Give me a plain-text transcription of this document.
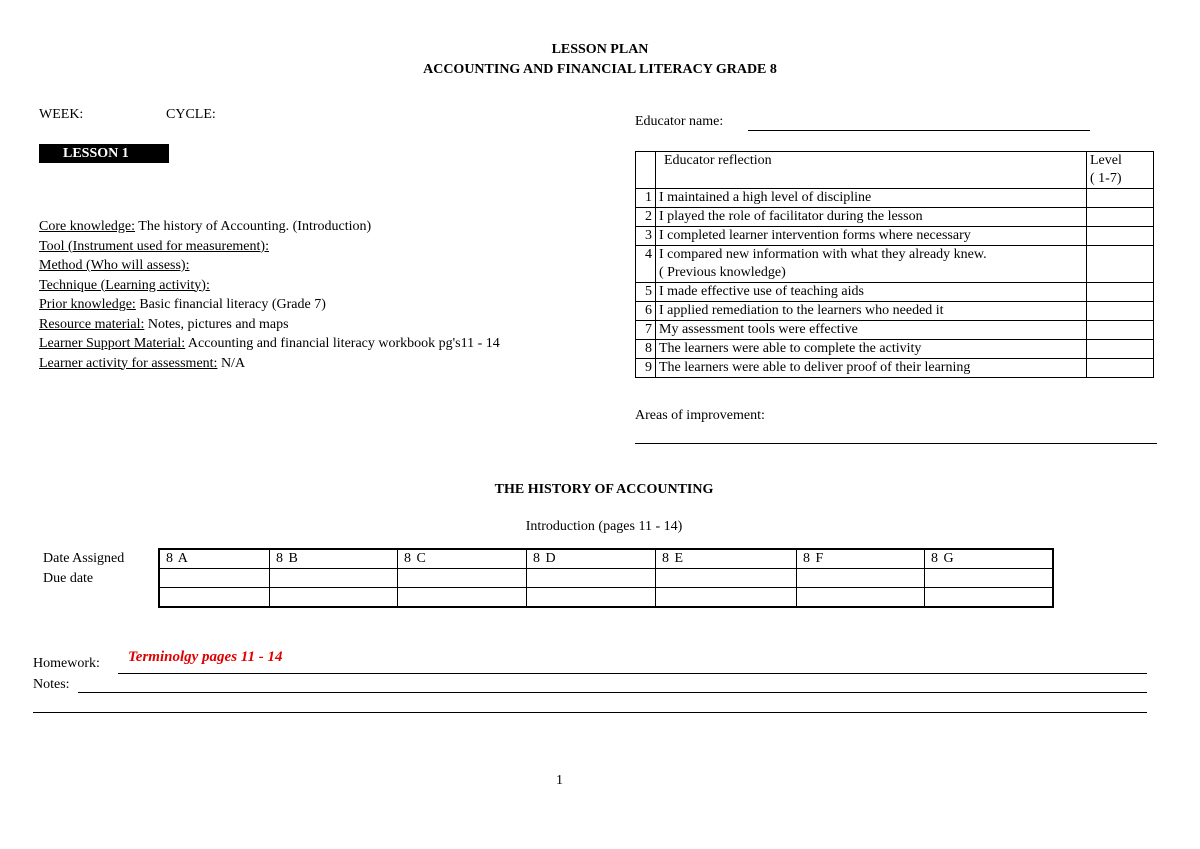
LESSON PLAN
ACCOUNTING AND FINANCIAL LITERACY GRADE 8
WEEK:	CYCLE:
LESSON 1
Educator name:
Core knowledge: The history of Accounting. (Introduction)
Tool (Instrument used for measurement):
Method (Who will assess):
Technique (Learning activity):
Prior knowledge: Basic financial literacy (Grade 7)
Resource material: Notes, pictures and maps
Learner Support Material: Accounting and financial literacy workbook pg's11 - 14
Learner activity for assessment: N/A
	Educator reflection	Level
( 1-7)

1	I maintained a high level of discipline	
2	I played the role of facilitator during the lesson	
3	I completed learner intervention forms where necessary	
4	I compared new information with what they already knew.
( Previous knowledge)	

5	I made effective use of teaching aids	
6	I applied remediation to the learners who needed it	
7	My assessment tools were effective	
8	The learners were able to complete the activity	
9	The learners were able to deliver proof of their learning	
Areas of improvement:
THE HISTORY OF ACCOUNTING
Introduction (pages 11 - 14)
Date Assigned
Due date
8 A	8 B	8 C	8 D	8 E	8 F	8 G

Homework: Terminolgy pages 11 - 14
Notes:
1
